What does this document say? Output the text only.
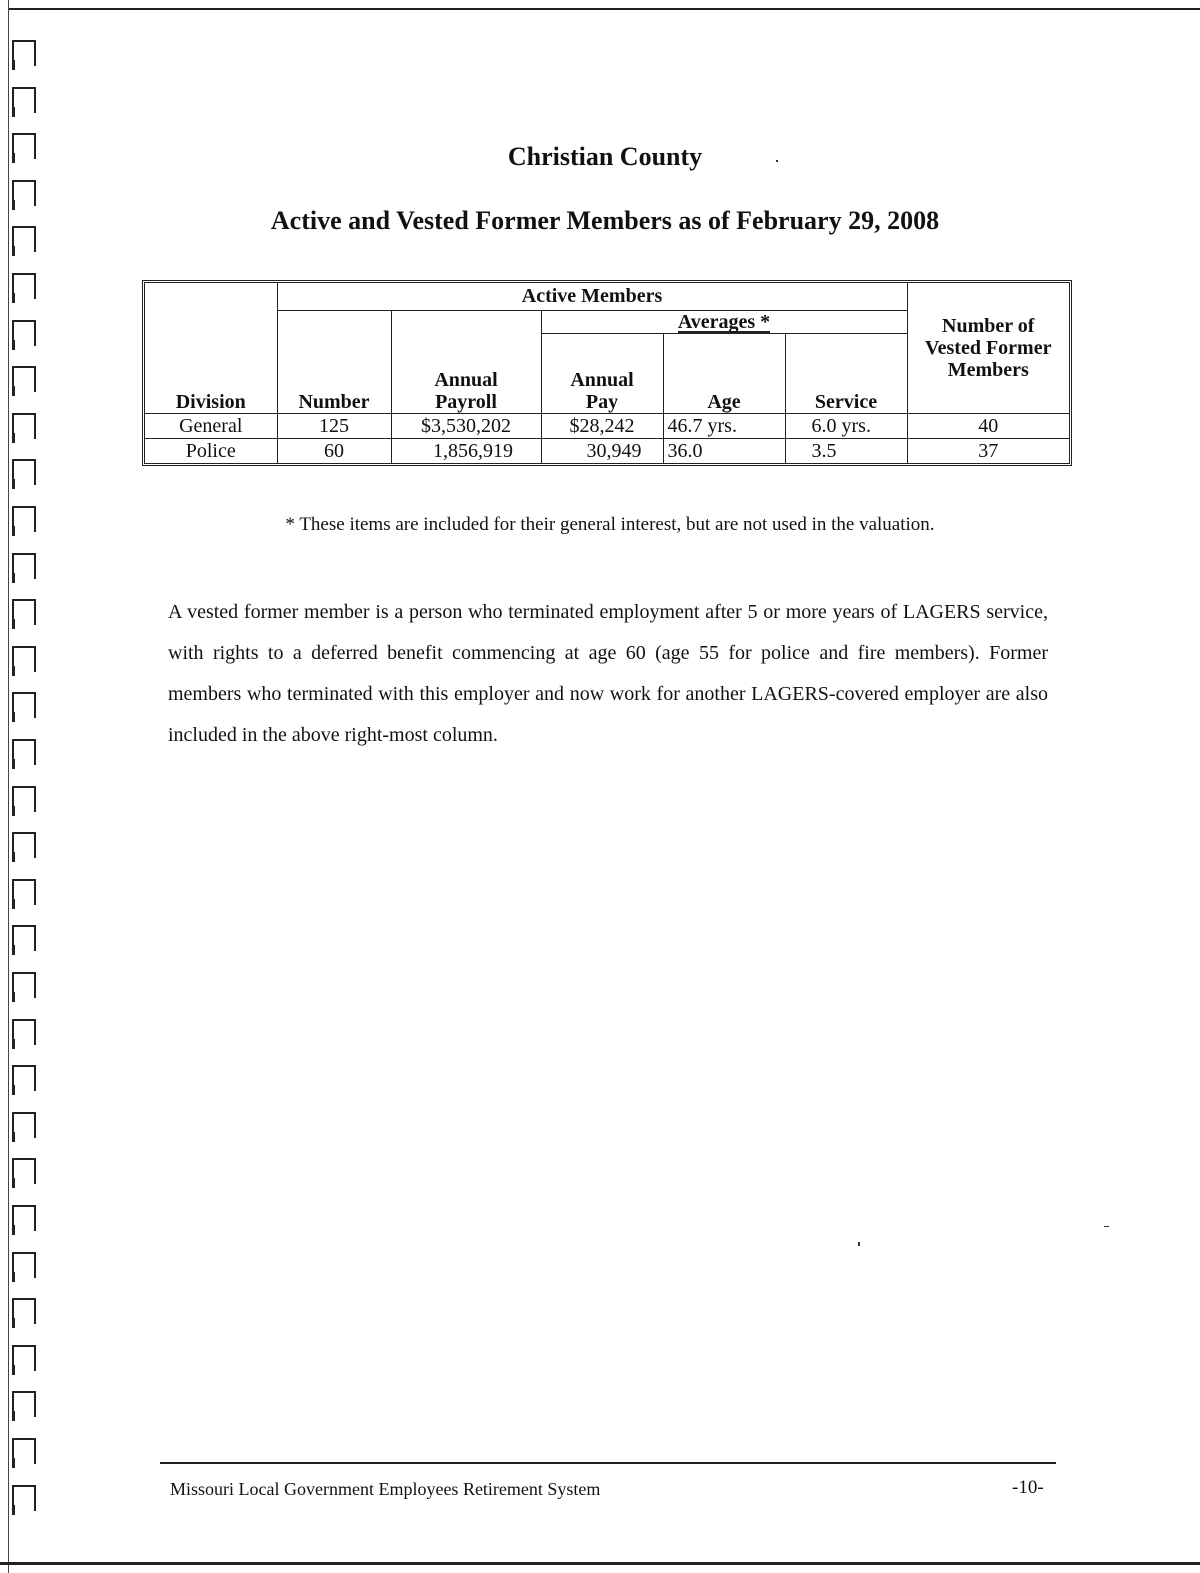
Christian County
Active and Vested Former Members as of February 29, 2008
Division	Active Members					Number of Vested Former Members
	Number	Annual Payroll	Averages *			
			Annual Pay	Age	Service	
General	125	$3,530,202	$28,242	46.7 yrs.	6.0 yrs.	40
Police	60	1,856,919	30,949	36.0	3.5	37
* These items are included for their general interest, but are not used in the valuation.
A vested former member is a person who terminated employment after 5 or more years of LAGERS service, with rights to a deferred benefit commencing at age 60 (age 55 for police and fire members). Former members who terminated with this employer and now work for another LAGERS-covered employer are also included in the above right-most column.
Missouri Local Government Employees Retirement System	-10-
